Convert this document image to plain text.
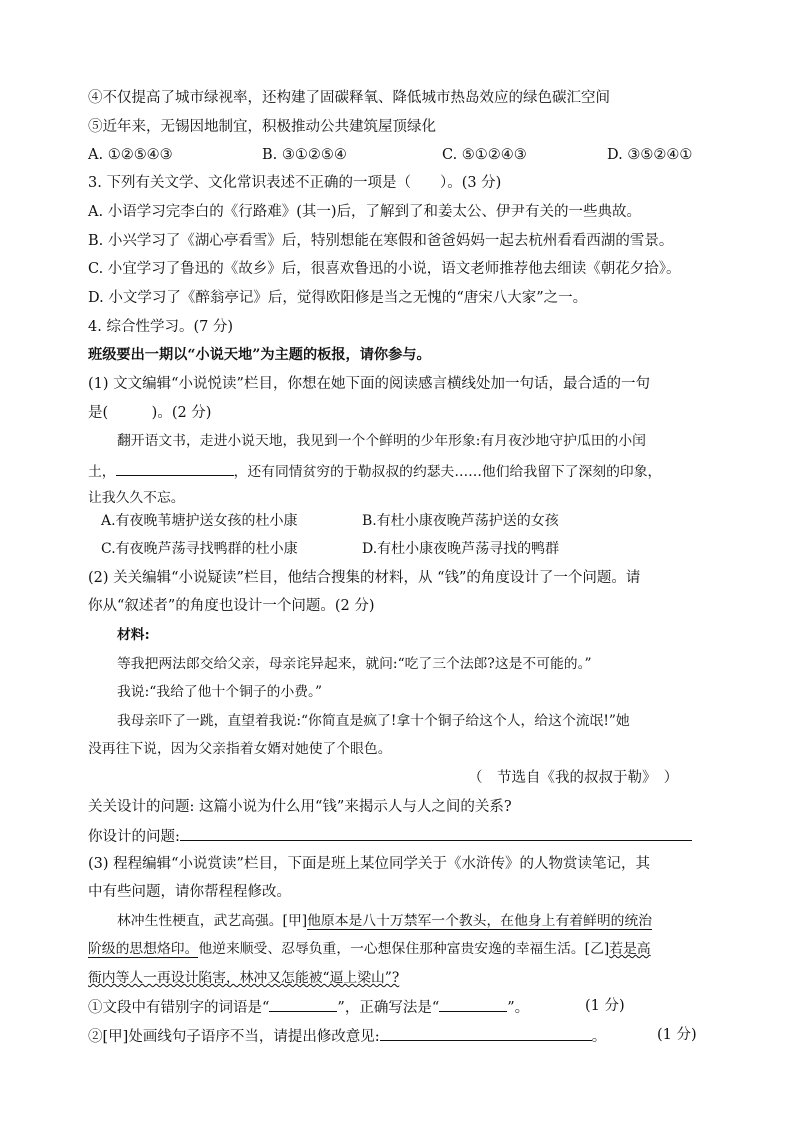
④不仅提高了城市绿视率，还构建了固碳释氧、降低城市热岛效应的绿色碳汇空间
⑤近年来，无锡因地制宜，积极推动公共建筑屋顶绿化
A. ①②⑤④③	B. ③①②⑤④	C. ⑤①②④③	D. ③⑤②④①
3. 下列有关文学、文化常识表述不正确的一项是（　　）。(3 分)
A. 小语学习完李白的《行路难》(其一)后，了解到了和姜太公、伊尹有关的一些典故。
B. 小兴学习了《湖心亭看雪》后，特别想能在寒假和爸爸妈妈一起去杭州看看西湖的雪景。
C. 小宜学习了鲁迅的《故乡》后，很喜欢鲁迅的小说，语文老师推荐他去细读《朝花夕拾》。
D. 小文学习了《醉翁亭记》后，觉得欧阳修是当之无愧的“唐宋八大家”之一。
4. 综合性学习。(7 分)
班级要出一期以“小说天地”为主题的板报，请你参与。
(1) 文文编辑“小说悦读”栏目，你想在她下面的阅读感言横线处加一句话，最合适的一句
是(　　　)。(2 分)
翻开语文书，走进小说天地，我见到一个个鲜明的少年形象:有月夜沙地守护瓜田的小闰
土，	，还有同情贫穷的于勒叔叔的约瑟夫……他们给我留下了深刻的印象，
让我久久不忘。
A.有夜晚苇塘护送女孩的杜小康	B.有杜小康夜晚芦荡护送的女孩
C.有夜晚芦荡寻找鸭群的杜小康	D.有杜小康夜晚芦荡寻找的鸭群
(2) 关关编辑“小说疑读”栏目，他结合搜集的材料，从 “钱”的角度设计了一个问题。请
你从“叙述者”的角度也设计一个问题。(2 分)
材料:
等我把两法郎交给父亲，母亲诧异起来，就问:“吃了三个法郎?这是不可能的。”
我说:“我给了他十个铜子的小费。”
我母亲吓了一跳，直望着我说:“你简直是疯了!拿十个铜子给这个人，给这个流氓!”她
没再往下说，因为父亲指着女婿对她使了个眼色。
（　节选自《我的叔叔于勒》　）
关关设计的问题: 这篇小说为什么用“钱”来揭示人与人之间的关系?
你设计的问题:
(3) 程程编辑“小说赏读”栏目，下面是班上某位同学关于《水浒传》的人物赏读笔记，其
中有些问题，请你帮程程修改。
林冲生性梗直，武艺高强。[甲]他原本是八十万禁军一个教头，在他身上有着鲜明的统治
阶级的思想烙印。他逆来顺受、忍辱负重，一心想保住那种富贵安逸的幸福生活。[乙]若是高
衙内等人一再设计陷害，林冲又怎能被“逼上梁山”?
①文段中有错别字的词语是“	”，正确写法是“	”。	(1 分)
②[甲]处画线句子语序不当，请提出修改意见:	。	(1 分)
